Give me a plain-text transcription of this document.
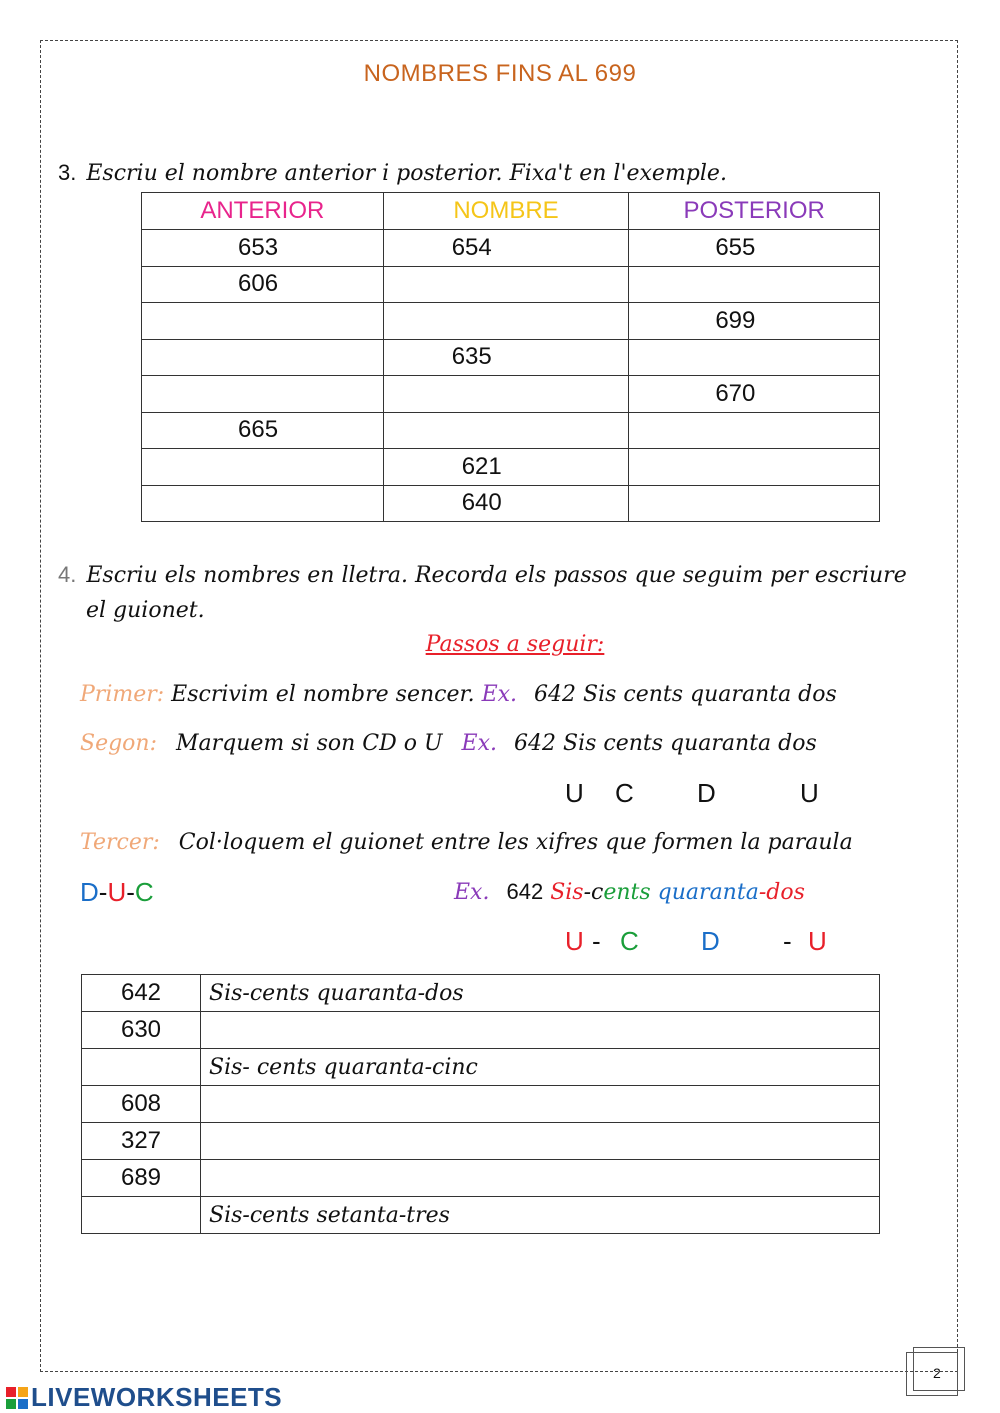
NOMBRES FINS AL 699
3. Escriu el nombre anterior i posterior. Fixa't en l'exemple.
ANTERIOR	NOMBRE	POSTERIOR
653	654	655
606		
		699
	635	
		670
665		
	621	
	640	
4. Escriu els nombres en lletra. Recorda els passos que seguim per escriure
el guionet.
Passos a seguir:
Primer: Escrivim el nombre sencer. Ex. 642 Sis cents quaranta dos
Segon: Marquem si son CD o U Ex. 642 Sis cents quaranta dos
U C D	U
Tercer: Col·loquem el guionet entre les xifres que formen la paraula
D-U-C	Ex. 642 Sis-cents quaranta-dos
U - C D - U
642	Sis-cents quaranta-dos
630	
	Sis- cents quaranta-cinc
608	
327	
689	
	Sis-cents setanta-tres
2
LIVEWORKSHEETS
